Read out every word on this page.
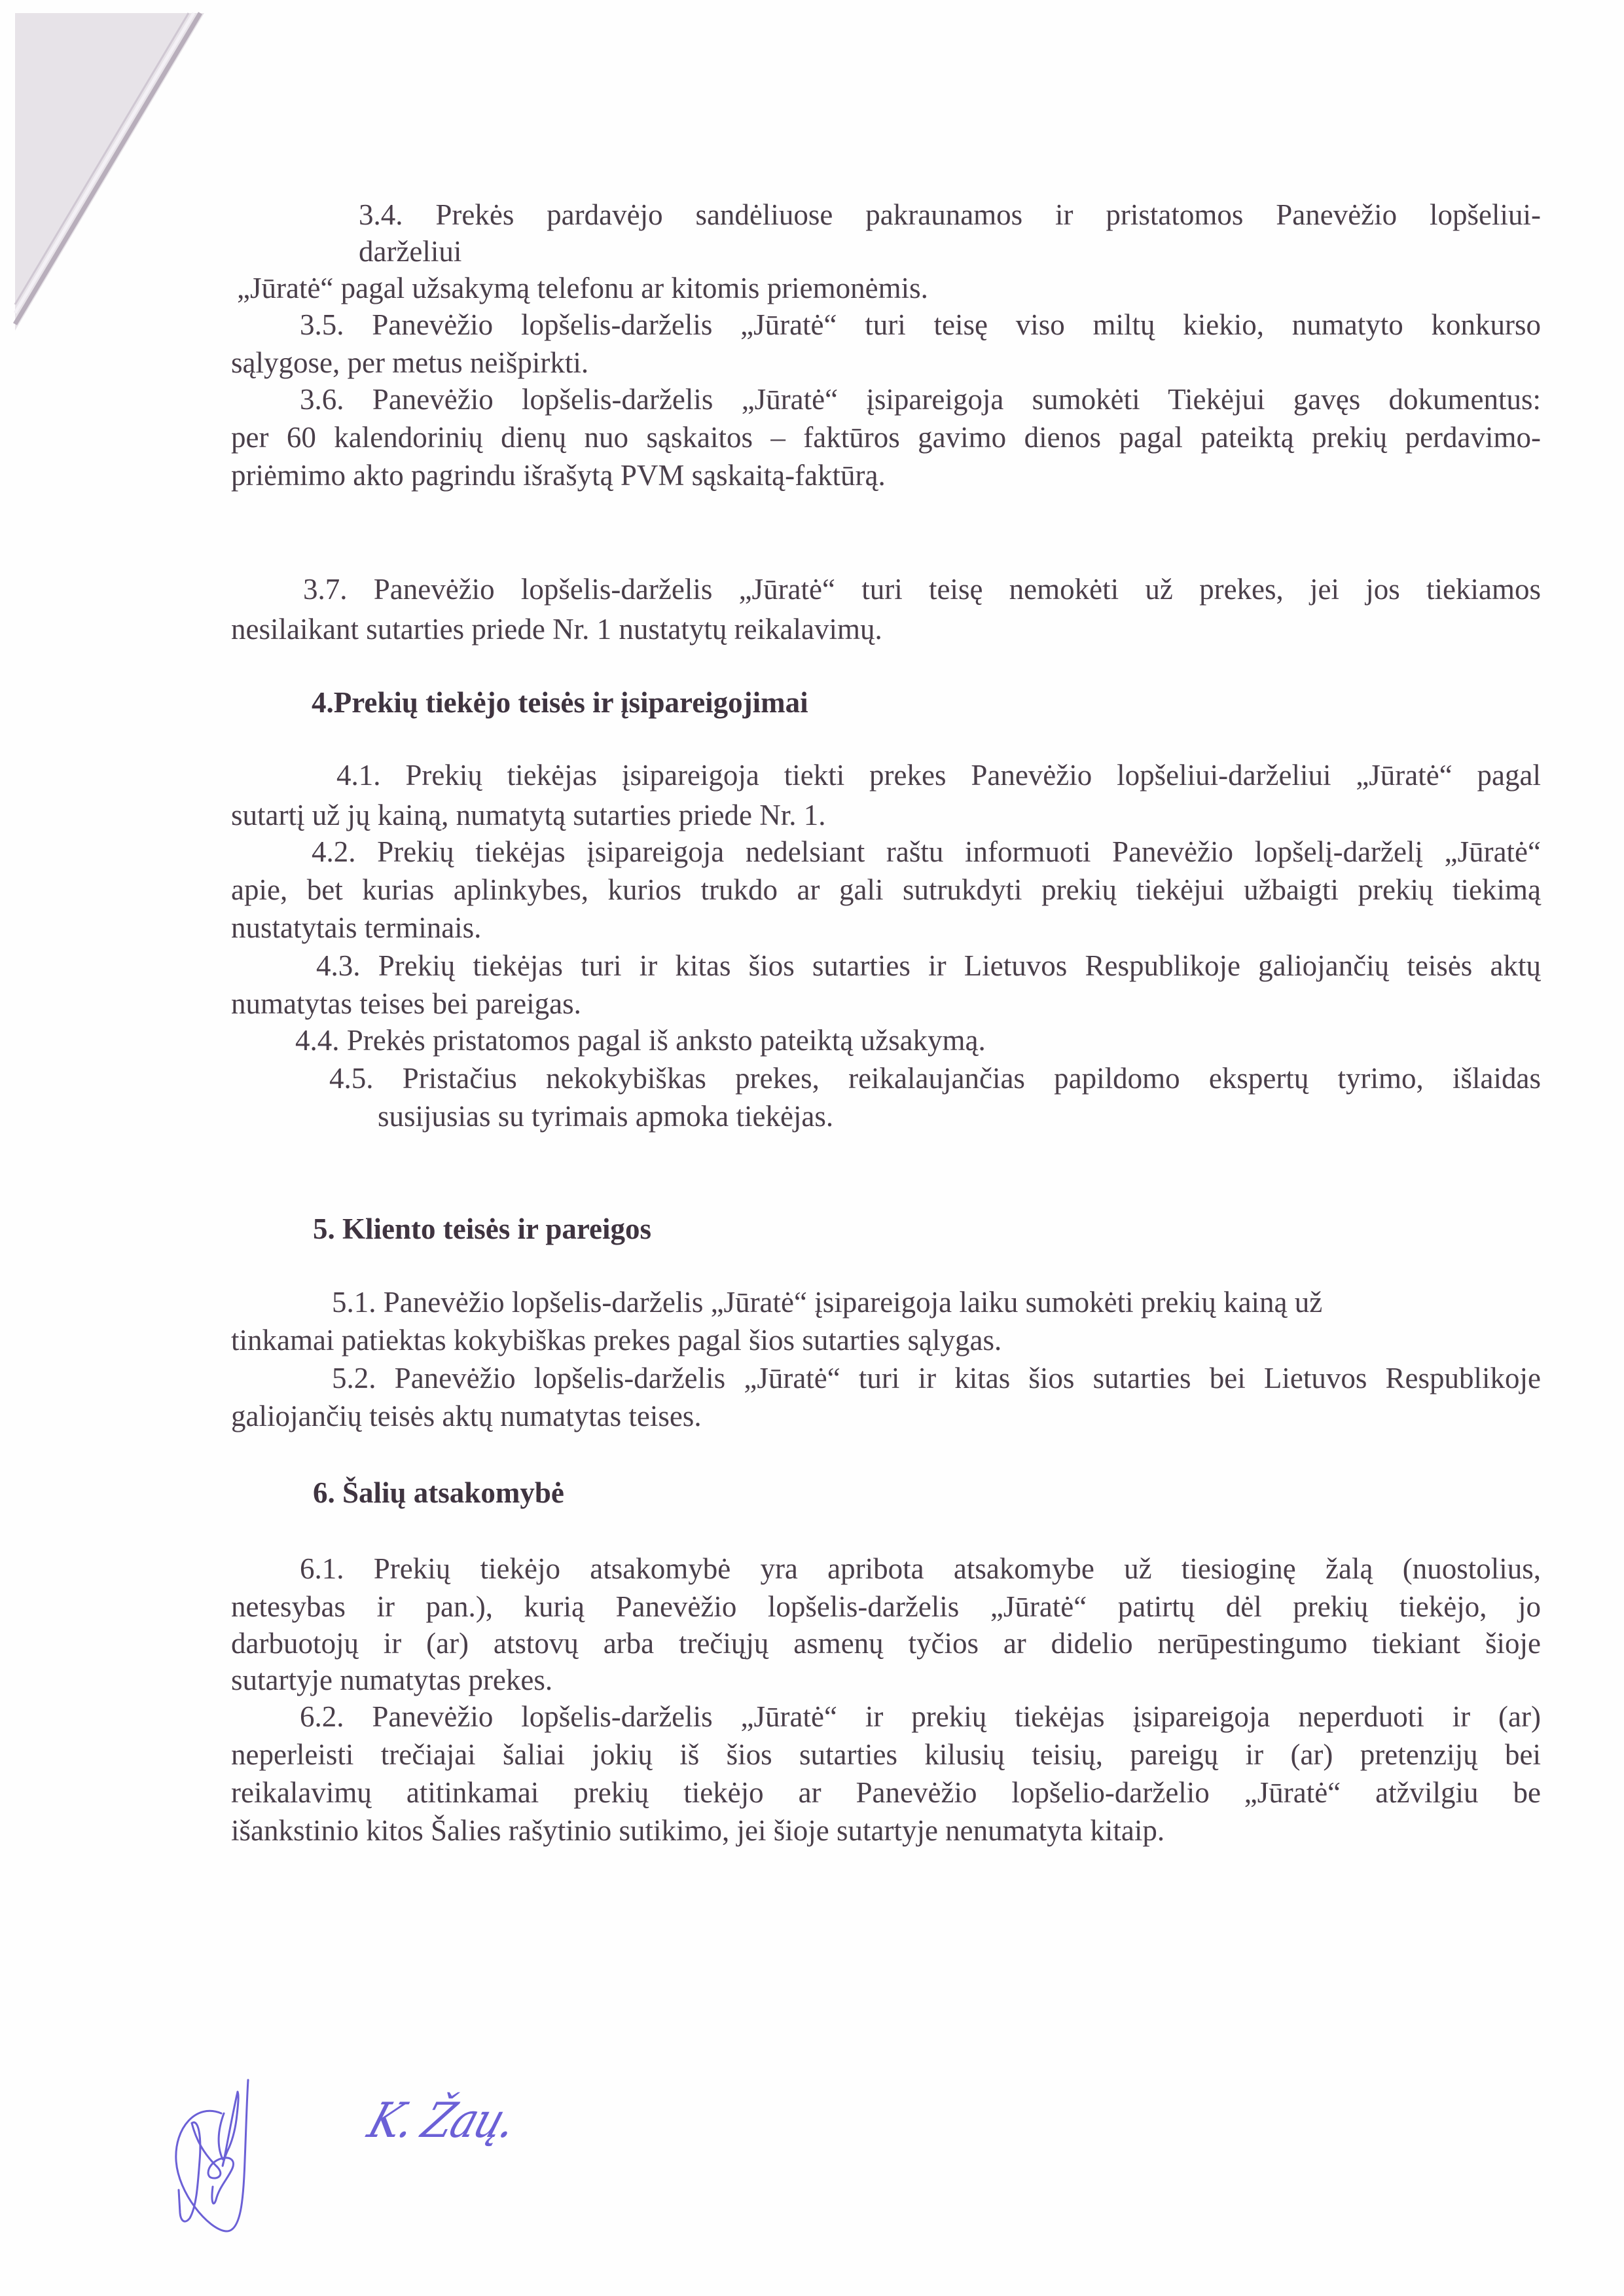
3.4. Prekės pardavėjo sandėliuose pakraunamos ir pristatomos Panevėžio lopšeliui-
darželiui
„Jūratė“ pagal užsakymą telefonu ar kitomis priemonėmis.
3.5. Panevėžio lopšelis-darželis „Jūratė“ turi teisę viso miltų kiekio, numatyto konkurso
sąlygose, per metus neišpirkti.
3.6. Panevėžio lopšelis-darželis „Jūratė“ įsipareigoja sumokėti Tiekėjui gavęs dokumentus:
per 60 kalendorinių dienų nuo sąskaitos – faktūros gavimo dienos pagal pateiktą prekių perdavimo-
priėmimo akto pagrindu išrašytą PVM sąskaitą-faktūrą.
3.7. Panevėžio lopšelis-darželis „Jūratė“ turi teisę nemokėti už prekes, jei jos tiekiamos
nesilaikant sutarties priede Nr. 1 nustatytų reikalavimų.
4.Prekių tiekėjo teisės ir įsipareigojimai
4.1. Prekių tiekėjas įsipareigoja tiekti prekes Panevėžio lopšeliui-darželiui „Jūratė“ pagal
sutartį už jų kainą, numatytą sutarties priede Nr. 1.
4.2. Prekių tiekėjas įsipareigoja nedelsiant raštu informuoti Panevėžio lopšelį-darželį „Jūratė“
apie, bet kurias aplinkybes, kurios trukdo ar gali sutrukdyti prekių tiekėjui užbaigti prekių tiekimą
nustatytais terminais.
4.3. Prekių tiekėjas turi ir kitas šios sutarties ir Lietuvos Respublikoje galiojančių teisės aktų
numatytas teises bei pareigas.
4.4. Prekės pristatomos pagal iš anksto pateiktą užsakymą.
4.5. Pristačius nekokybiškas prekes, reikalaujančias papildomo ekspertų tyrimo, išlaidas
susijusias su tyrimais apmoka tiekėjas.
5. Kliento teisės ir pareigos
5.1. Panevėžio lopšelis-darželis „Jūratė“ įsipareigoja laiku sumokėti prekių kainą už
tinkamai patiektas kokybiškas prekes pagal šios sutarties sąlygas.
5.2. Panevėžio lopšelis-darželis „Jūratė“ turi ir kitas šios sutarties bei Lietuvos Respublikoje
galiojančių teisės aktų numatytas teises.
6. Šalių atsakomybė
6.1. Prekių tiekėjo atsakomybė yra apribota atsakomybe už tiesioginę žalą (nuostolius,
netesybas ir pan.), kurią Panevėžio lopšelis-darželis „Jūratė“ patirtų dėl prekių tiekėjo, jo
darbuotojų ir (ar) atstovų arba trečiųjų asmenų tyčios ar didelio nerūpestingumo tiekiant šioje
sutartyje numatytas prekes.
6.2. Panevėžio lopšelis-darželis „Jūratė“ ir prekių tiekėjas įsipareigoja neperduoti ir (ar)
neperleisti trečiajai šaliai jokių iš šios sutarties kilusių teisių, pareigų ir (ar) pretenzijų bei
reikalavimų atitinkamai prekių tiekėjo ar Panevėžio lopšelio-darželio „Jūratė“ atžvilgiu be
išankstinio kitos Šalies rašytinio sutikimo, jei šioje sutartyje nenumatyta kitaip.
K. Žaų.
